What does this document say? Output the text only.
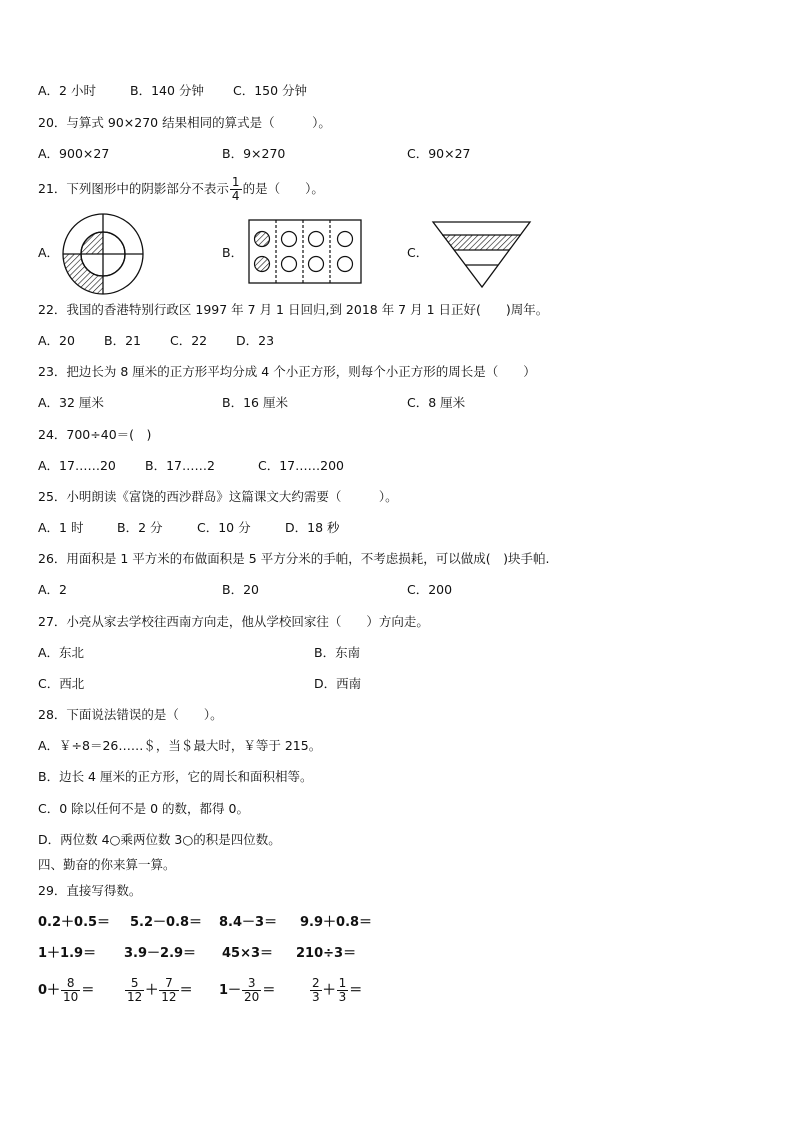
A．2 小时	B．140 分钟 C．150 分钟
20．与算式 90×270 结果相同的算式是（　　　）。
A．900×27	B．9×270	C．90×27
21．下列图形中的阴影部分不表示 $\frac{1}{4}$ 的是（　　）。
A．	B．	C．
22．我国的香港特别行政区 1997 年 7 月 1 日回归,到 2018 年 7 月 1 日正好(　　)周年。
A．20 B．21 C．22 D．23
23．把边长为 8 厘米的正方形平均分成 4 个小正方形，则每个小正方形的周长是（　　）
A．32 厘米	B．16 厘米	C．8 厘米
24．700÷40＝(　)
A．17……20 B．17……2	C．17……200
25．小明朗读《富饶的西沙群岛》这篇课文大约需要（　　　）。
A．1 时	B．2 分	C．10 分	D．18 秒
26．用面积是 1 平方米的布做面积是 5 平方分米的手帕，不考虑损耗，可以做成(　)块手帕.
A．2	B．20	C．200
27．小亮从家去学校往西南方向走，他从学校回家往（　　）方向走。
A．东北	B．东南
C．西北	D．西南
28．下面说法错误的是（　　）。
A．￥÷8＝26……＄，当＄最大时，￥等于 215。
B．边长 4 厘米的正方形，它的周长和面积相等。
C．0 除以任何不是 0 的数，都得 0。
D．两位数 4○乘两位数 3○的积是四位数。
四、勤奋的你来算一算。
29．直接写得数。
0.2＋0.5＝ 5.2－0.8＝ 8.4－3＝ 9.9＋0.8＝
1＋1.9＝ 3.9－2.9＝ 45×3＝ 210÷3＝
$0+ \frac{8}{10}$ ＝	$\frac{5}{12} + \frac{7}{12} = 1- \frac{3}{20}$ ＝	$\frac{2}{3} + \frac{1}{3}$ ＝
